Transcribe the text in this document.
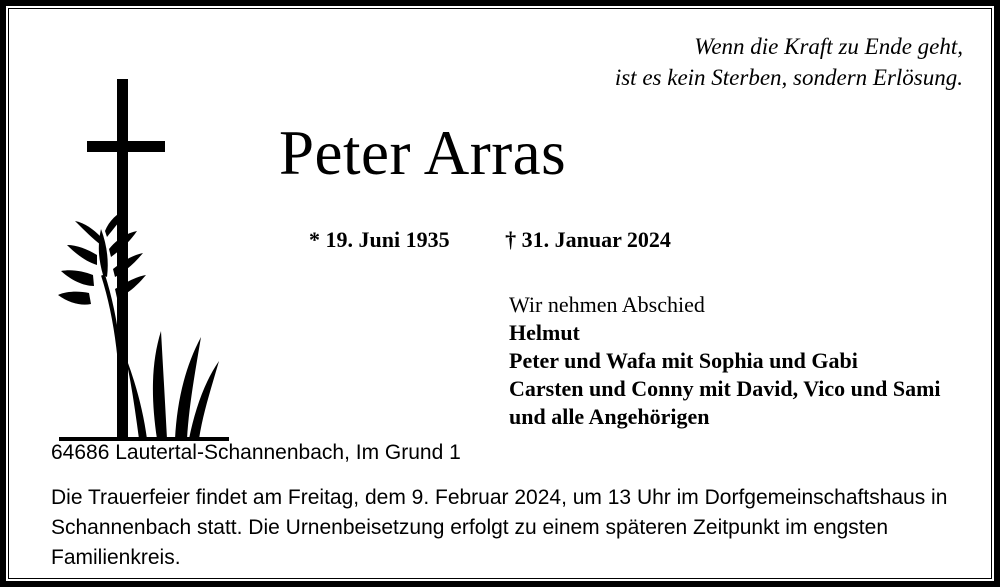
Wenn die Kraft zu Ende geht,
ist es kein Sterben, sondern Erlösung.
Peter Arras
* 19. Juni 1935	† 31. Januar 2024
Wir nehmen Abschied
Helmut
Peter und Wafa mit Sophia und Gabi
Carsten und Conny mit David, Vico und Sami
und alle Angehörigen
64686 Lautertal-Schannenbach, Im Grund 1
Die Trauerfeier findet am Freitag, dem 9. Februar 2024, um 13 Uhr im Dorfgemeinschaftshaus in Schannenbach statt. Die Urnenbeisetzung erfolgt zu einem späteren Zeitpunkt im engsten Familienkreis.
